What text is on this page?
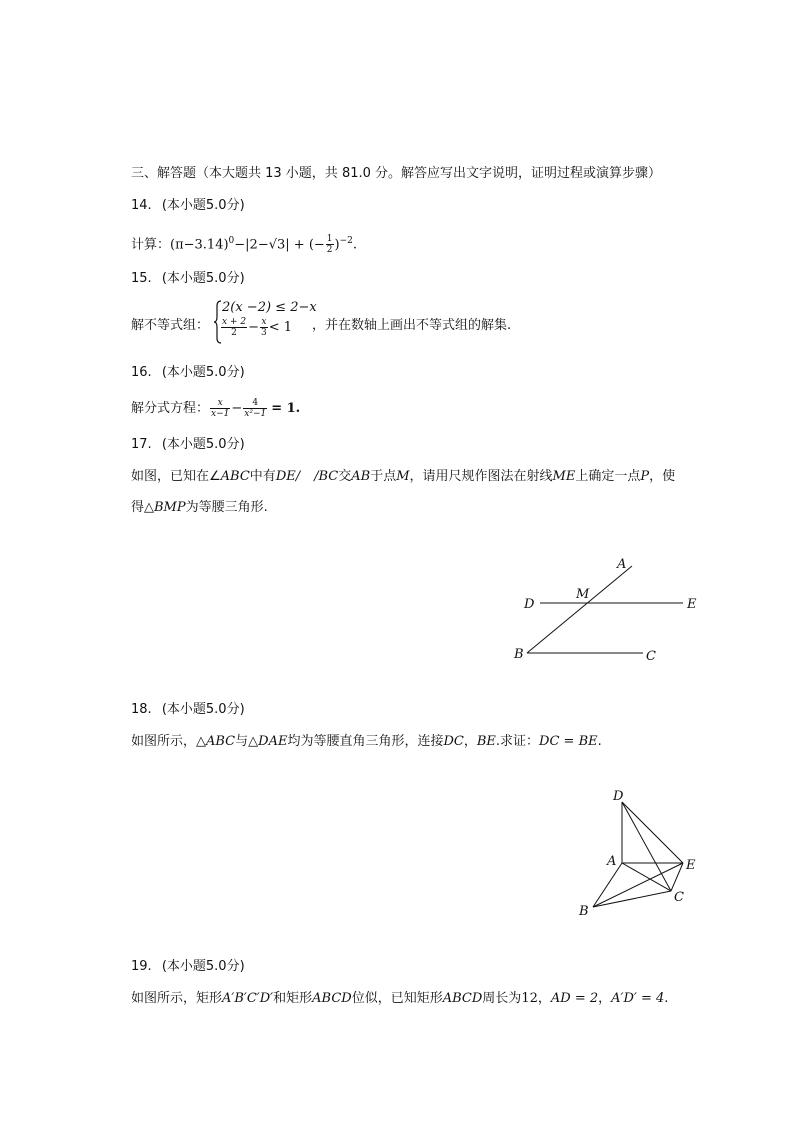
三、解答题（本大题共 13 小题，共 81.0 分。解答应写出文字说明，证明过程或演算步骤）
14. (本小题5.0分)
计算：$(\pi-3.14)^0-|2-√3|$ + (− $\frac{1}{2} )^{-2}$.
15. (本小题5.0分)
解不等式组：
2(x −2) ≤ 2−x
$\frac{x + 2}{2} - \frac{x}{3} < 1$ ，并在数轴上画出不等式组的解集.
16. (本小题5.0分)
解分式方程： $\frac{x}{x-1} - \frac{4}{\text{x²−1}} = 1$.
17. (本小题5.0分)
如图，已知在∠ABC中有DE/ /BC交AB于点M，请用尺规作图法在射线ME上确定一点P，使
得△BMP为等腰三角形.
A
M
D	E
B	C
18. (本小题5.0分)
如图所示，△ABC与△DAE均为等腰直角三角形，连接DC，BE.求证：DC = BE.
D
A	E
C
B
19. (本小题5.0分)
如图所示，矩形A′B′C′D′和矩形ABCD位似，已知矩形ABCD周长为12，AD = 2，A′D′ = 4.
